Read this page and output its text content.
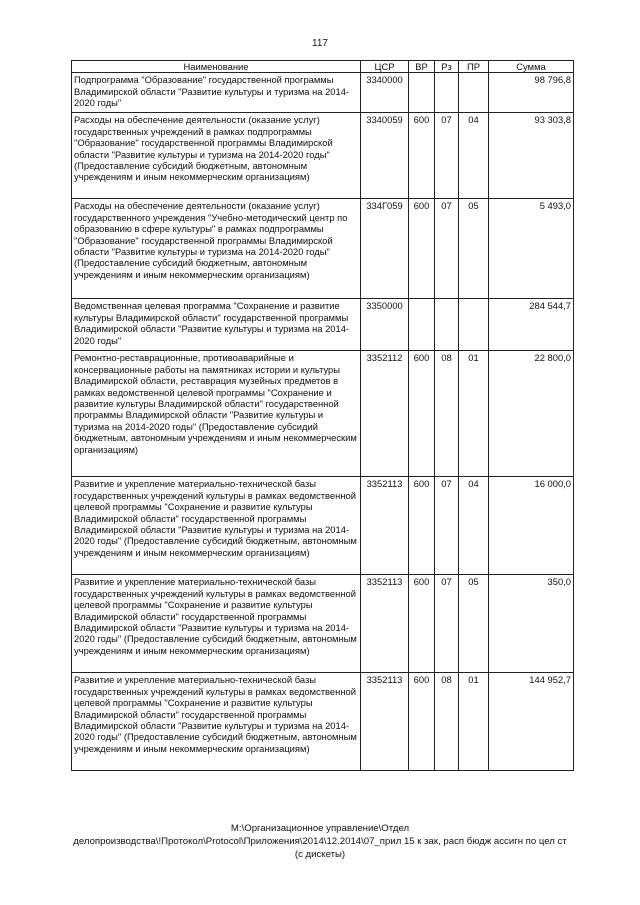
117
Наименование	ЦСР	ВР	Рз	ПР	Сумма
Подпрограмма "Образование" государственной программы Владимирской области "Развитие культуры и туризма на 2014-2020 годы"	3340000				98 796,8
Расходы на обеспечение деятельности (оказание услуг) государственных учреждений в рамках подпрограммы "Образование" государственной программы Владимирской области "Развитие культуры и туризма на 2014-2020 годы" (Предоставление субсидий бюджетным, автономным учреждениям и иным некоммерческим организациям)	3340059	600	07	04	93 303,8
Расходы на обеспечение деятельности (оказание услуг) государственного учреждения "Учебно-методический центр по образованию в сфере культуры" в рамках подпрограммы "Образование" государственной программы Владимирской области "Развитие культуры и туризма на 2014-2020 годы" (Предоставление субсидий бюджетным, автономным учреждениям и иным некоммерческим организациям)	334Г059	600	07	05	5 493,0
Ведомственная целевая программа "Сохранение и развитие культуры Владимирской области" государственной программы Владимирской области "Развитие культуры и туризма на 2014-2020 годы"	3350000				284 544,7
Ремонтно-реставрационные, противоаварийные и консервационные работы на памятниках истории и культуры Владимирской области, реставрация музейных предметов в рамках ведомственной целевой программы "Сохранение и развитие культуры Владимирской области" государственной программы Владимирской области "Развитие культуры и туризма на 2014-2020 годы" (Предоставление субсидий бюджетным, автономным учреждениям и иным некоммерческим организациям)	3352112	600	08	01	22 800,0
Развитие и укрепление материально-технической базы государственных учреждений культуры в рамках ведомственной целевой программы "Сохранение и развитие культуры Владимирской области" государственной программы Владимирской области "Развитие культуры и туризма на 2014-2020 годы" (Предоставление субсидий бюджетным, автономным учреждениям и иным некоммерческим организациям)	3352113	600	07	04	16 000,0
Развитие и укрепление материально-технической базы государственных учреждений культуры в рамках ведомственной целевой программы "Сохранение и развитие культуры Владимирской области" государственной программы Владимирской области "Развитие культуры и туризма на 2014-2020 годы" (Предоставление субсидий бюджетным, автономным учреждениям и иным некоммерческим организациям)	3352113	600	07	05	350,0
Развитие и укрепление материально-технической базы государственных учреждений культуры в рамках ведомственной целевой программы "Сохранение и развитие культуры Владимирской области" государственной программы Владимирской области "Развитие культуры и туризма на 2014-2020 годы" (Предоставление субсидий бюджетным, автономным учреждениям и иным некоммерческим организациям)	3352113	600	08	01	144 952,7
М:\Организационное управление\Отдел
делопроизводства\!Протокол\Protocol\Приложения\2014\12.2014\07_прил 15 к зак, расп бюдж ассигн по цел ст
(с дискеты)
